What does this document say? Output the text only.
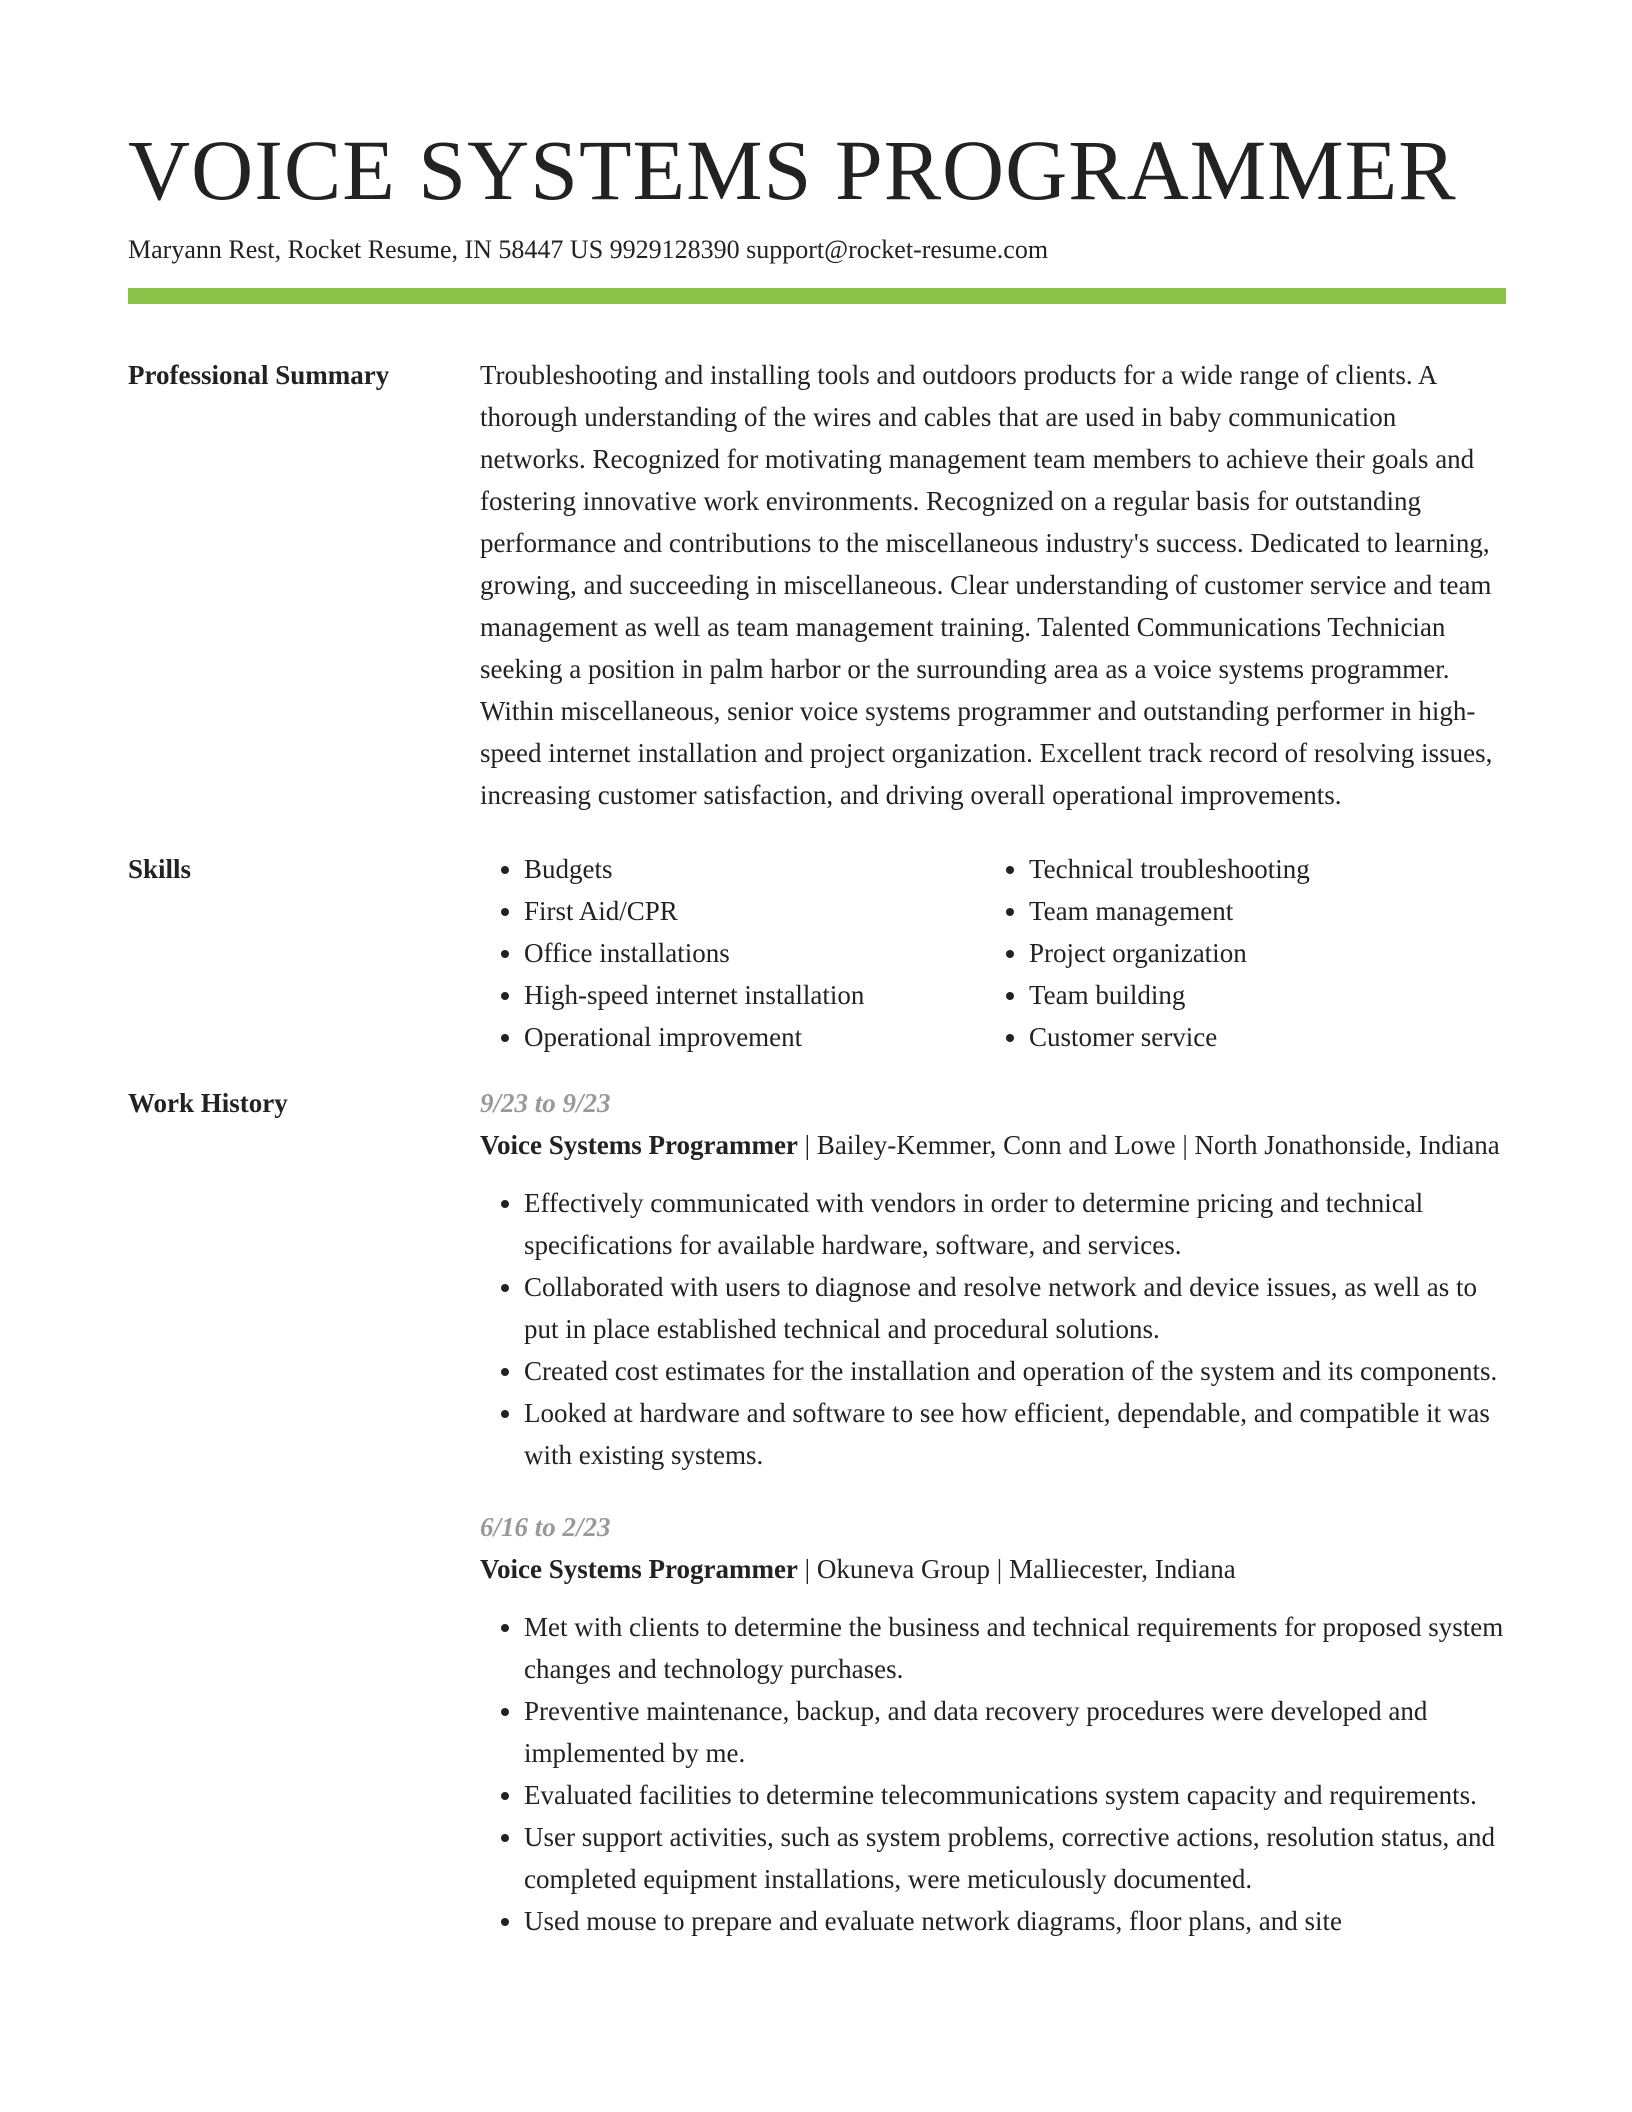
VOICE SYSTEMS PROGRAMMER
Maryann Rest, Rocket Resume, IN 58447 US 9929128390 support@rocket-resume.com
Professional Summary	Troubleshooting and installing tools and outdoors products for a wide range of clients. A thorough understanding of the wires and cables that are used in baby communication networks. Recognized for motivating management team members to achieve their goals and fostering innovative work environments. Recognized on a regular basis for outstanding performance and contributions to the miscellaneous industry's success. Dedicated to learning, growing, and succeeding in miscellaneous. Clear understanding of customer service and team management as well as team management training. Talented Communications Technician seeking a position in palm harbor or the surrounding area as a voice systems programmer. Within miscellaneous, senior voice systems programmer and outstanding performer in high-speed internet installation and project organization. Excellent track record of resolving issues, increasing customer satisfaction, and driving overall operational improvements.

Skills
•	Budgets
• First Aid/CPR
• Office installations
• High-speed internet installation
• Operational improvement
• Technical troubleshooting
• Team management
• Project organization
• Team building
• Customer service
Work History	9/23 to 9/23
Voice Systems Programmer | Bailey-Kemmer, Conn and Lowe | North Jonathonside, Indiana
• Effectively communicated with vendors in order to determine pricing and technical specifications for available hardware, software, and services.
• Collaborated with users to diagnose and resolve network and device issues, as well as to put in place established technical and procedural solutions.
• Created cost estimates for the installation and operation of the system and its components.
• Looked at hardware and software to see how efficient, dependable, and compatible it was with existing systems.
6/16 to 2/23
Voice Systems Programmer | Okuneva Group | Malliecester, Indiana
• Met with clients to determine the business and technical requirements for proposed system changes and technology purchases.
• Preventive maintenance, backup, and data recovery procedures were developed and implemented by me.
• Evaluated facilities to determine telecommunications system capacity and requirements.
• User support activities, such as system problems, corrective actions, resolution status, and completed equipment installations, were meticulously documented.
• Used mouse to prepare and evaluate network diagrams, floor plans, and site
